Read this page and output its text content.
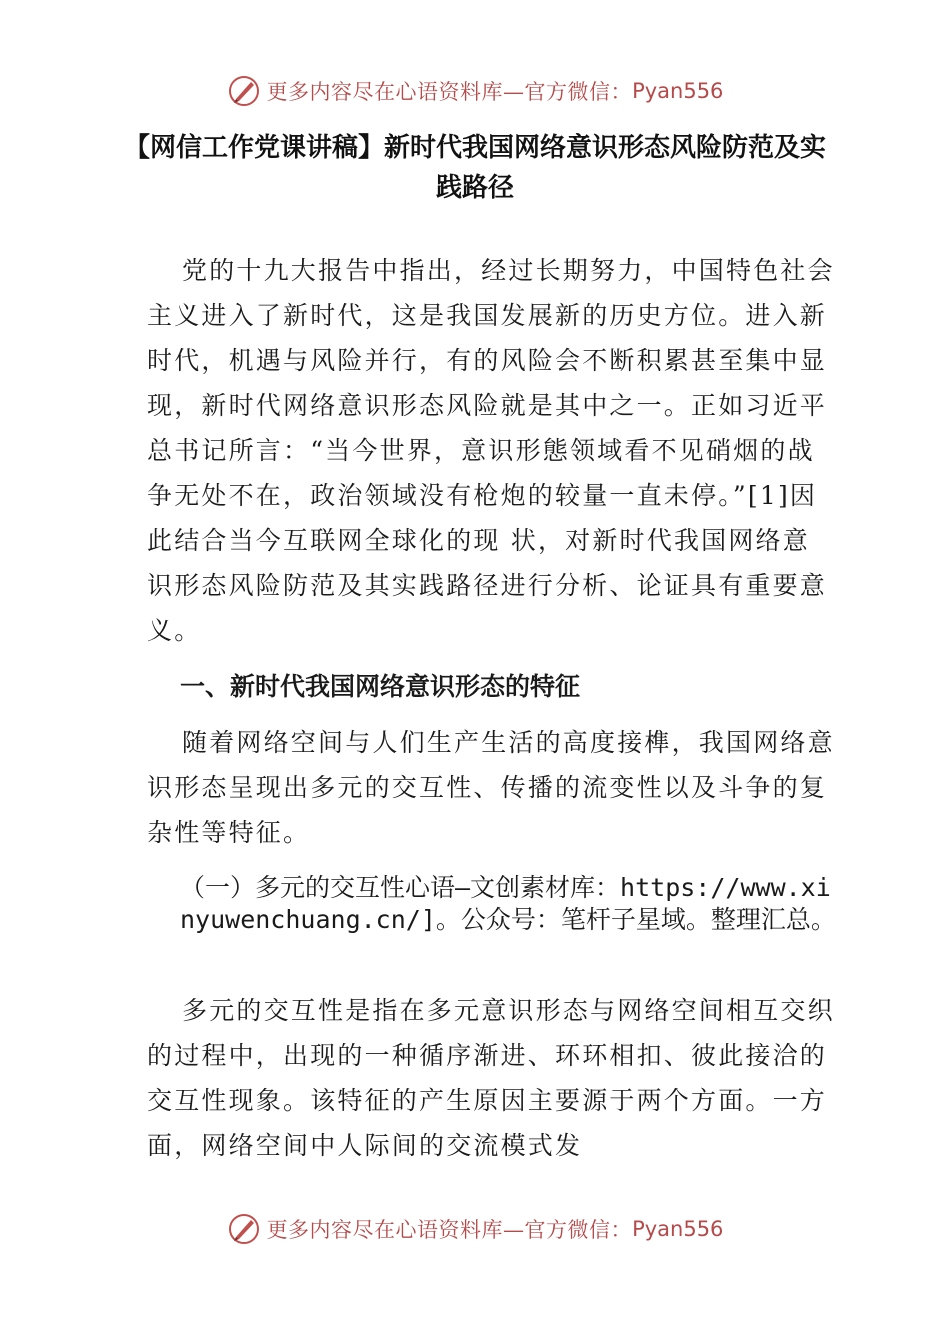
更多内容尽在心语资料库—官方微信： Pyan556
【网信工作党课讲稿】新时代我国网络意识形态风险防范及实践路径
党的十九大报告中指出，经过长期努力，中国特色社会主义进入了新时代，这是我国发展新的历史方位。进入新时代，机遇与风险并行，有的风险会不断积累甚至集中显现，新时代网络意识形态风险就是其中之一。正如习近平总书记所言：“当今世界，意识形態领域看不见硝烟的战争无处不在，政治领域没有枪炮的较量一直未停。”[1]因此结合当今互联网全球化的现 状，对新时代我国网络意识形态风险防范及其实践路径进行分析、论证具有重要意义。
一、新时代我国网络意识形态的特征
随着网络空间与人们生产生活的高度接榫，我国网络意识形态呈现出多元的交互性、传播的流变性以及斗争的复杂性等特征。
（一）多元的交互性心语—文创素材库：https://www.xinyuwenchuang.cn/]。公众号：笔杆子星域。整理汇总。
多元的交互性是指在多元意识形态与网络空间相互交织的过程中，出现的一种循序渐进、环环相扣、彼此接洽的交互性现象。该特征的产生原因主要源于两个方面。一方面，网络空间中人际间的交流模式发
更多内容尽在心语资料库—官方微信： Pyan556
